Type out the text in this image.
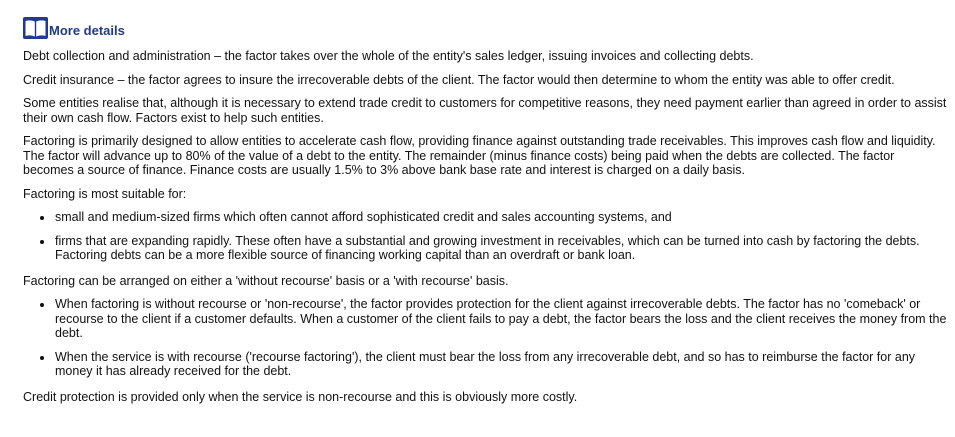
More details

Debt collection and administration – the factor takes over the whole of the entity's sales ledger, issuing invoices and collecting debts.

Credit insurance – the factor agrees to insure the irrecoverable debts of the client. The factor would then determine to whom the entity was able to offer credit.

Some entities realise that, although it is necessary to extend trade credit to customers for competitive reasons, they need payment earlier than agreed in order to assist their own cash flow. Factors exist to help such entities.

Factoring is primarily designed to allow entities to accelerate cash flow, providing finance against outstanding trade receivables. This improves cash flow and liquidity. The factor will advance up to 80% of the value of a debt to the entity. The remainder (minus finance costs) being paid when the debts are collected. The factor becomes a source of finance. Finance costs are usually 1.5% to 3% above bank base rate and interest is charged on a daily basis.

Factoring is most suitable for:

small and medium-sized firms which often cannot afford sophisticated credit and sales accounting systems, and
firms that are expanding rapidly. These often have a substantial and growing investment in receivables, which can be turned into cash by factoring the debts. Factoring debts can be a more flexible source of financing working capital than an overdraft or bank loan.

Factoring can be arranged on either a 'without recourse' basis or a 'with recourse' basis.

When factoring is without recourse or 'non-recourse', the factor provides protection for the client against irrecoverable debts. The factor has no 'comeback' or recourse to the client if a customer defaults. When a customer of the client fails to pay a debt, the factor bears the loss and the client receives the money from the debt.
When the service is with recourse ('recourse factoring'), the client must bear the loss from any irrecoverable debt, and so has to reimburse the factor for any money it has already received for the debt.

Credit protection is provided only when the service is non-recourse and this is obviously more costly.
